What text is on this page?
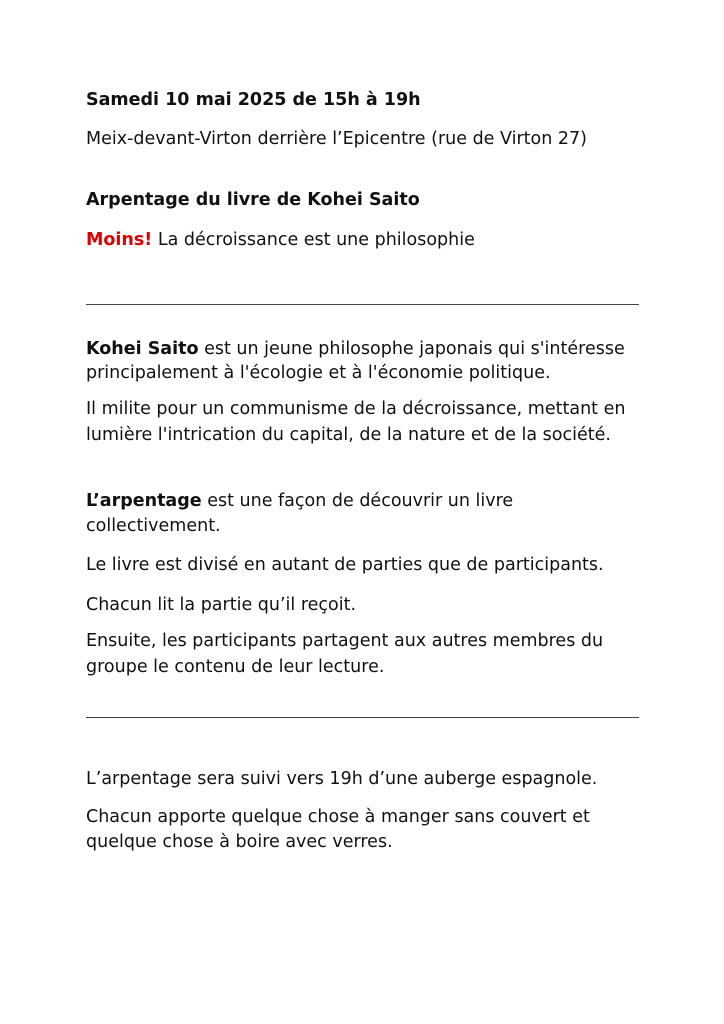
Samedi 10 mai 2025 de 15h à 19h

Meix-devant-Virton derrière l’Epicentre (rue de Virton 27)

Arpentage du livre de Kohei Saito

Moins! La décroissance est une philosophie

Kohei Saito est un jeune philosophe japonais qui s'intéresse

principalement à l'écologie et à l'économie politique.

Il milite pour un communisme de la décroissance, mettant en

lumière l'intrication du capital, de la nature et de la société.

L’arpentage est une façon de découvrir un livre

collectivement.

Le livre est divisé en autant de parties que de participants.

Chacun lit la partie qu’il reçoit.

Ensuite, les participants partagent aux autres membres du

groupe le contenu de leur lecture.

L’arpentage sera suivi vers 19h d’une auberge espagnole.

Chacun apporte quelque chose à manger sans couvert et

quelque chose à boire avec verres.
